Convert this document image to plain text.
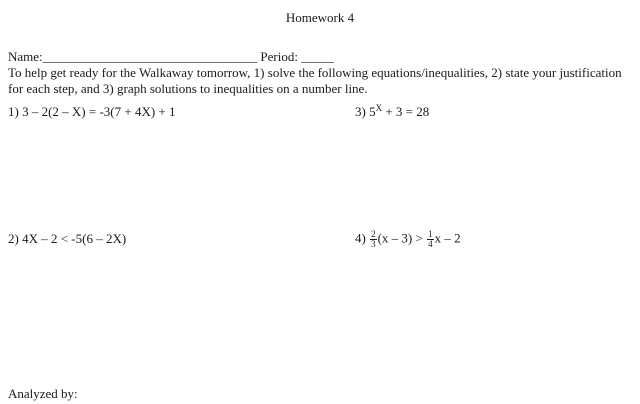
Homework 4
Name:_________________________________ Period: _____
To help get ready for the Walkaway tomorrow, 1) solve the following equations/inequalities, 2) state your justification for each step, and 3) graph solutions to inequalities on a number line.
1) 3 – 2(2 – X) = -3(7 + 4X) + 1	3) $5^X + 3 = 28$
2) 4X – 2 < -5(6 – 2X)	$4) \frac{2}{3} (x - 3) > \frac{1}{4}$ x – 2
Analyzed by:
